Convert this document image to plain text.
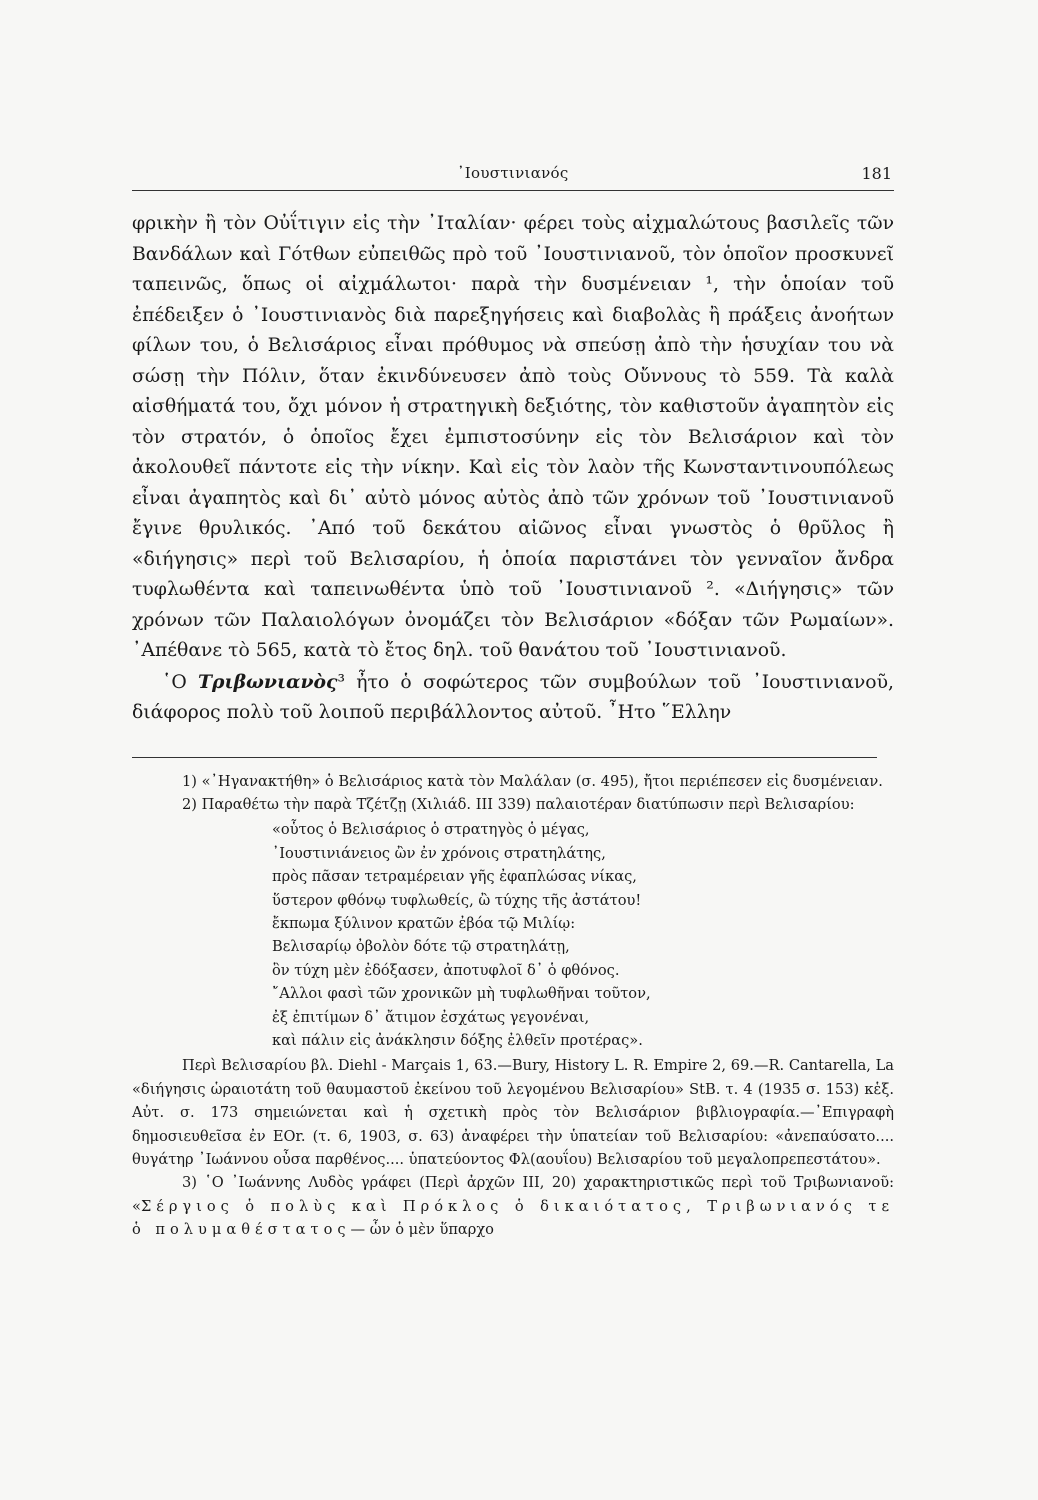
᾿Ιουστινιανός	181

φρικὴν ἢ τὸν Οὐΐτιγιν εἰς τὴν ᾿Ιταλίαν· φέρει τοὺς αἰχμαλώτους βασιλεῖς τῶν Βανδάλων καὶ Γότθων εὐπειθῶς πρὸ τοῦ ᾿Ιουστινιανοῦ, τὸν ὁποῖον προσκυνεῖ ταπεινῶς, ὅπως οἱ αἰχμάλωτοι· παρὰ τὴν δυσμένειαν ¹, τὴν ὁποίαν τοῦ ἐπέδειξεν ὁ ᾿Ιουστινιανὸς διὰ παρεξηγήσεις καὶ διαβολὰς ἢ πράξεις ἀνοήτων φίλων του, ὁ Βελισάριος εἶναι πρόθυμος νὰ σπεύσῃ ἀπὸ τὴν ἡσυχίαν του νὰ σώσῃ τὴν Πόλιν, ὅταν ἐκινδύνευσεν ἀπὸ τοὺς Οὔννους τὸ 559. Τὰ καλὰ αἰσθήματά του, ὄχι μόνον ἡ στρατηγικὴ δεξιότης, τὸν καθιστοῦν ἀγαπητὸν εἰς τὸν στρατόν, ὁ ὁποῖος ἔχει ἐμπιστοσύνην εἰς τὸν Βελισάριον καὶ τὸν ἀκολουθεῖ πάντοτε εἰς τὴν νίκην. Καὶ εἰς τὸν λαὸν τῆς Κωνσταντινουπόλεως εἶναι ἀγαπητὸς καὶ δι᾿ αὐτὸ μόνος αὐτὸς ἀπὸ τῶν χρόνων τοῦ ᾿Ιουστινιανοῦ ἔγινε θρυλικός. ᾿Από τοῦ δεκάτου αἰῶνος εἶναι γνωστὸς ὁ θρῦλος ἢ «διήγησις» περὶ τοῦ Βελισαρίου, ἡ ὁποία παριστάνει τὸν γενναῖον ἄνδρα τυφλωθέντα καὶ ταπεινωθέντα ὑπὸ τοῦ ᾿Ιουστινιανοῦ ². «Διήγησις» τῶν χρόνων τῶν Παλαιολόγων ὀνομάζει τὸν Βελισάριον «δόξαν τῶν Ρωμαίων». ᾿Απέθανε τὸ 565, κατὰ τὸ ἔτος δηλ. τοῦ θανάτου τοῦ ᾿Ιουστινιανοῦ.

῾Ο Τριβωνιανὸς³ ἦτο ὁ σοφώτερος τῶν συμβούλων τοῦ ᾿Ιουστινιανοῦ, διάφορος πολὺ τοῦ λοιποῦ περιβάλλοντος αὐτοῦ. ῏Ητο ῞Ελλην

1) «᾿Ηγανακτήθη» ὁ Βελισάριος κατὰ τὸν Μαλάλαν (σ. 495), ἤτοι περιέπεσεν εἰς δυσμένειαν.

2) Παραθέτω τὴν παρὰ Τζέτζῃ (Χιλιάδ. III 339) παλαιοτέραν διατύπωσιν περὶ Βελισαρίου:

«οὗτος ὁ Βελισάριος ὁ στρατηγὸς ὁ μέγας,
᾿Ιουστινιάνειος ὢν ἐν χρόνοις στρατηλάτης,
πρὸς πᾶσαν τετραμέρειαν γῆς ἐφαπλώσας νίκας,
ὕστερον φθόνῳ τυφλωθείς, ὢ τύχης τῆς ἀστάτου!
ἔκπωμα ξύλινον κρατῶν ἐβόα τῷ Μιλίῳ:
Βελισαρίῳ ὀβολὸν δότε τῷ στρατηλάτῃ,
ὃν τύχη μὲν ἐδόξασεν, ἀποτυφλοῖ δ᾿ ὁ φθόνος.
῎Αλλοι φασὶ τῶν χρονικῶν μὴ τυφλωθῆναι τοῦτον,
ἐξ ἐπιτίμων δ᾿ ἄτιμον ἐσχάτως γεγονέναι,
καὶ πάλιν εἰς ἀνάκλησιν δόξης ἐλθεῖν προτέρας».

Περὶ Βελισαρίου βλ. Diehl - Marçais 1, 63.—Bury, History L. R. Empire 2, 69.—R. Cantarella, La «διήγησις ὡραιοτάτη τοῦ θαυμαστοῦ ἐκείνου τοῦ λεγομένου Βελισαρίου» StB. τ. 4 (1935 σ. 153) κἑξ. Αὐτ. σ. 173 σημειώνεται καὶ ἡ σχετικὴ πρὸς τὸν Βελισάριον βιβλιογραφία.—᾿Επιγραφὴ δημοσιευθεῖσα ἐν ΕΟr. (τ. 6, 1903, σ. 63) ἀναφέρει τὴν ὑπατείαν τοῦ Βελισαρίου: «ἀνεπαύσατο.... θυγάτηρ ᾿Ιωάννου οὖσα παρθένος.... ὑπατεύοντος Φλ(αουΐου) Βελισαρίου τοῦ μεγαλοπρεπεστάτου».

3) ῾Ο ᾿Ιωάννης Λυδὸς γράφει (Περὶ ἀρχῶν III, 20) χαρακτηριστικῶς περὶ τοῦ Τριβωνιανοῦ: «Σέργιος ὁ πολὺς καὶ Πρόκλος ὁ δικαιότατος, Τριβωνιανός τε ὁ πολυμαθέστατος— ὧν ὁ μὲν ὕπαρχο
